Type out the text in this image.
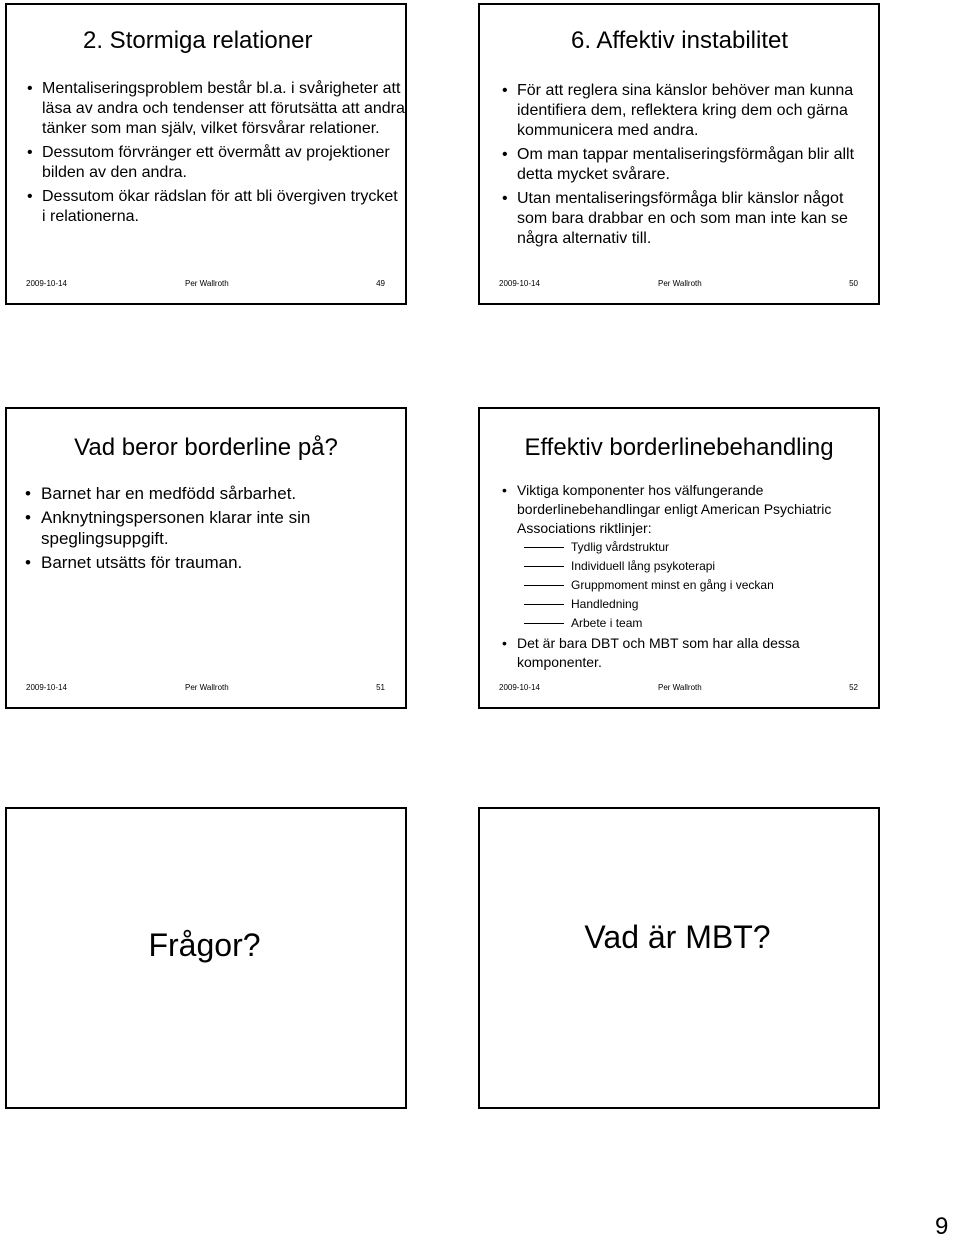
2. Stormiga relationer
• Mentaliseringsproblem består bl.a. i svårigheter att läsa av andra och tendenser att förutsätta att andra tänker som man själv, vilket försvårar relationer.
• Dessutom förvränger ett övermått av projektioner bilden av den andra.
• Dessutom ökar rädslan för att bli övergiven trycket i relationerna.
2009-10-14	Per Wallroth	49
6. Affektiv instabilitet
• För att reglera sina känslor behöver man kunna identifiera dem, reflektera kring dem och gärna kommunicera med andra.
• Om man tappar mentaliseringsförmågan blir allt detta mycket svårare.
• Utan mentaliseringsförmåga blir känslor något som bara drabbar en och som man inte kan se några alternativ till.
2009-10-14	Per Wallroth	50
Vad beror borderline på?
• Barnet har en medfödd sårbarhet.
• Anknytningspersonen klarar inte sin speglingsuppgift.
• Barnet utsätts för trauman.
2009-10-14	Per Wallroth	51
Effektiv borderlinebehandling
• Viktiga komponenter hos välfungerande borderlinebehandlingar enligt American Psychiatric Associations riktlinjer:
Tydlig vårdstruktur
Individuell lång psykoterapi
Gruppmoment minst en gång i veckan
Handledning
Arbete i team
• Det är bara DBT och MBT som har alla dessa komponenter.
2009-10-14	Per Wallroth	52
Frågor?	Vad är MBT?
9
